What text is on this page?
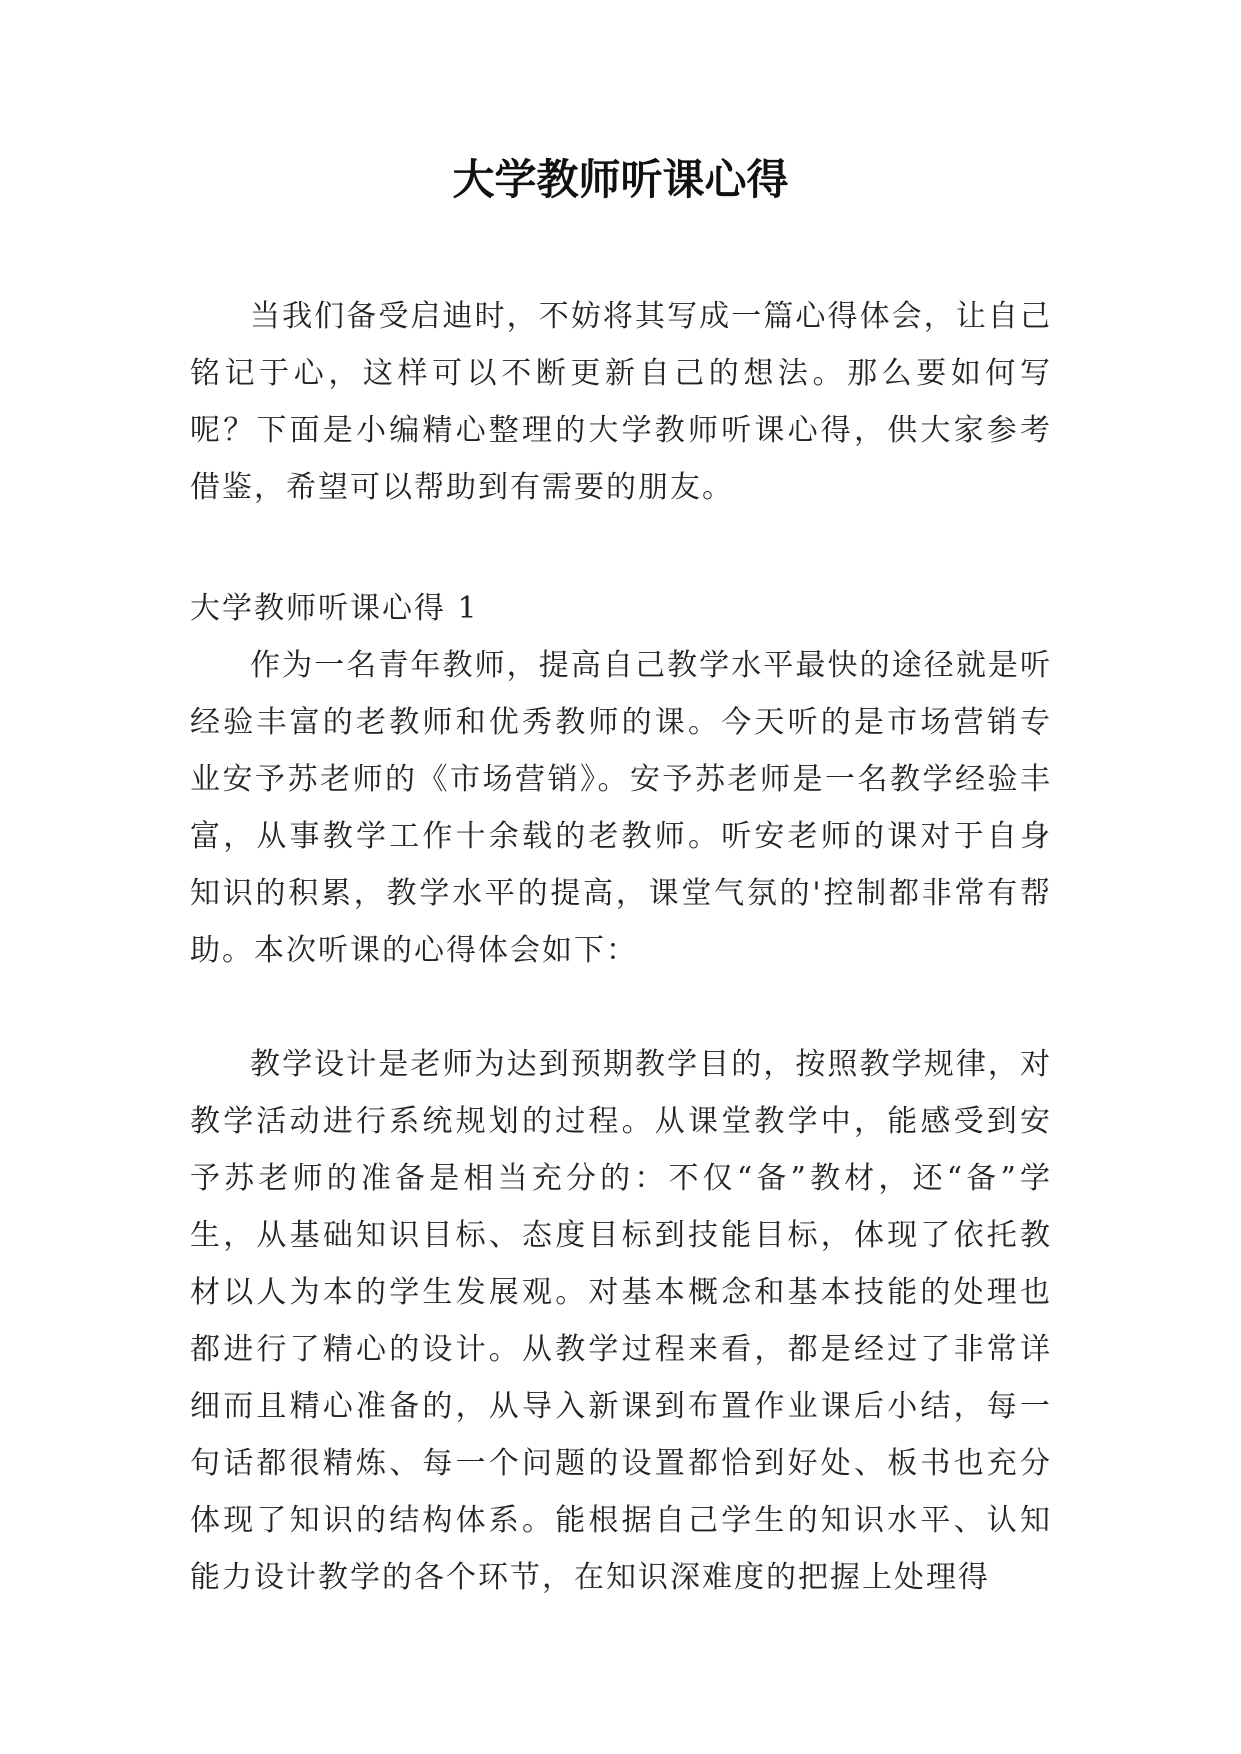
大学教师听课心得

当我们备受启迪时，不妨将其写成一篇心得体会，让自己铭记于心，这样可以不断更新自己的想法。那么要如何写呢？下面是小编精心整理的大学教师听课心得，供大家参考借鉴，希望可以帮助到有需要的朋友。

大学教师听课心得 1

作为一名青年教师，提高自己教学水平最快的途径就是听经验丰富的老教师和优秀教师的课。今天听的是市场营销专业安予苏老师的《市场营销》。安予苏老师是一名教学经验丰富，从事教学工作十余载的老教师。听安老师的课对于自身知识的积累，教学水平的提高，课堂气氛的'控制都非常有帮助。本次听课的心得体会如下：

教学设计是老师为达到预期教学目的，按照教学规律，对教学活动进行系统规划的过程。从课堂教学中，能感受到安予苏老师的准备是相当充分的：不仅“备”教材，还“备”学生，从基础知识目标、态度目标到技能目标，体现了依托教材以人为本的学生发展观。对基本概念和基本技能的处理也都进行了精心的设计。从教学过程来看，都是经过了非常详细而且精心准备的，从导入新课到布置作业课后小结，每一句话都很精炼、每一个问题的设置都恰到好处、板书也充分体现了知识的结构体系。能根据自己学生的知识水平、认知能力设计教学的各个环节，在知识深难度的把握上处理得
